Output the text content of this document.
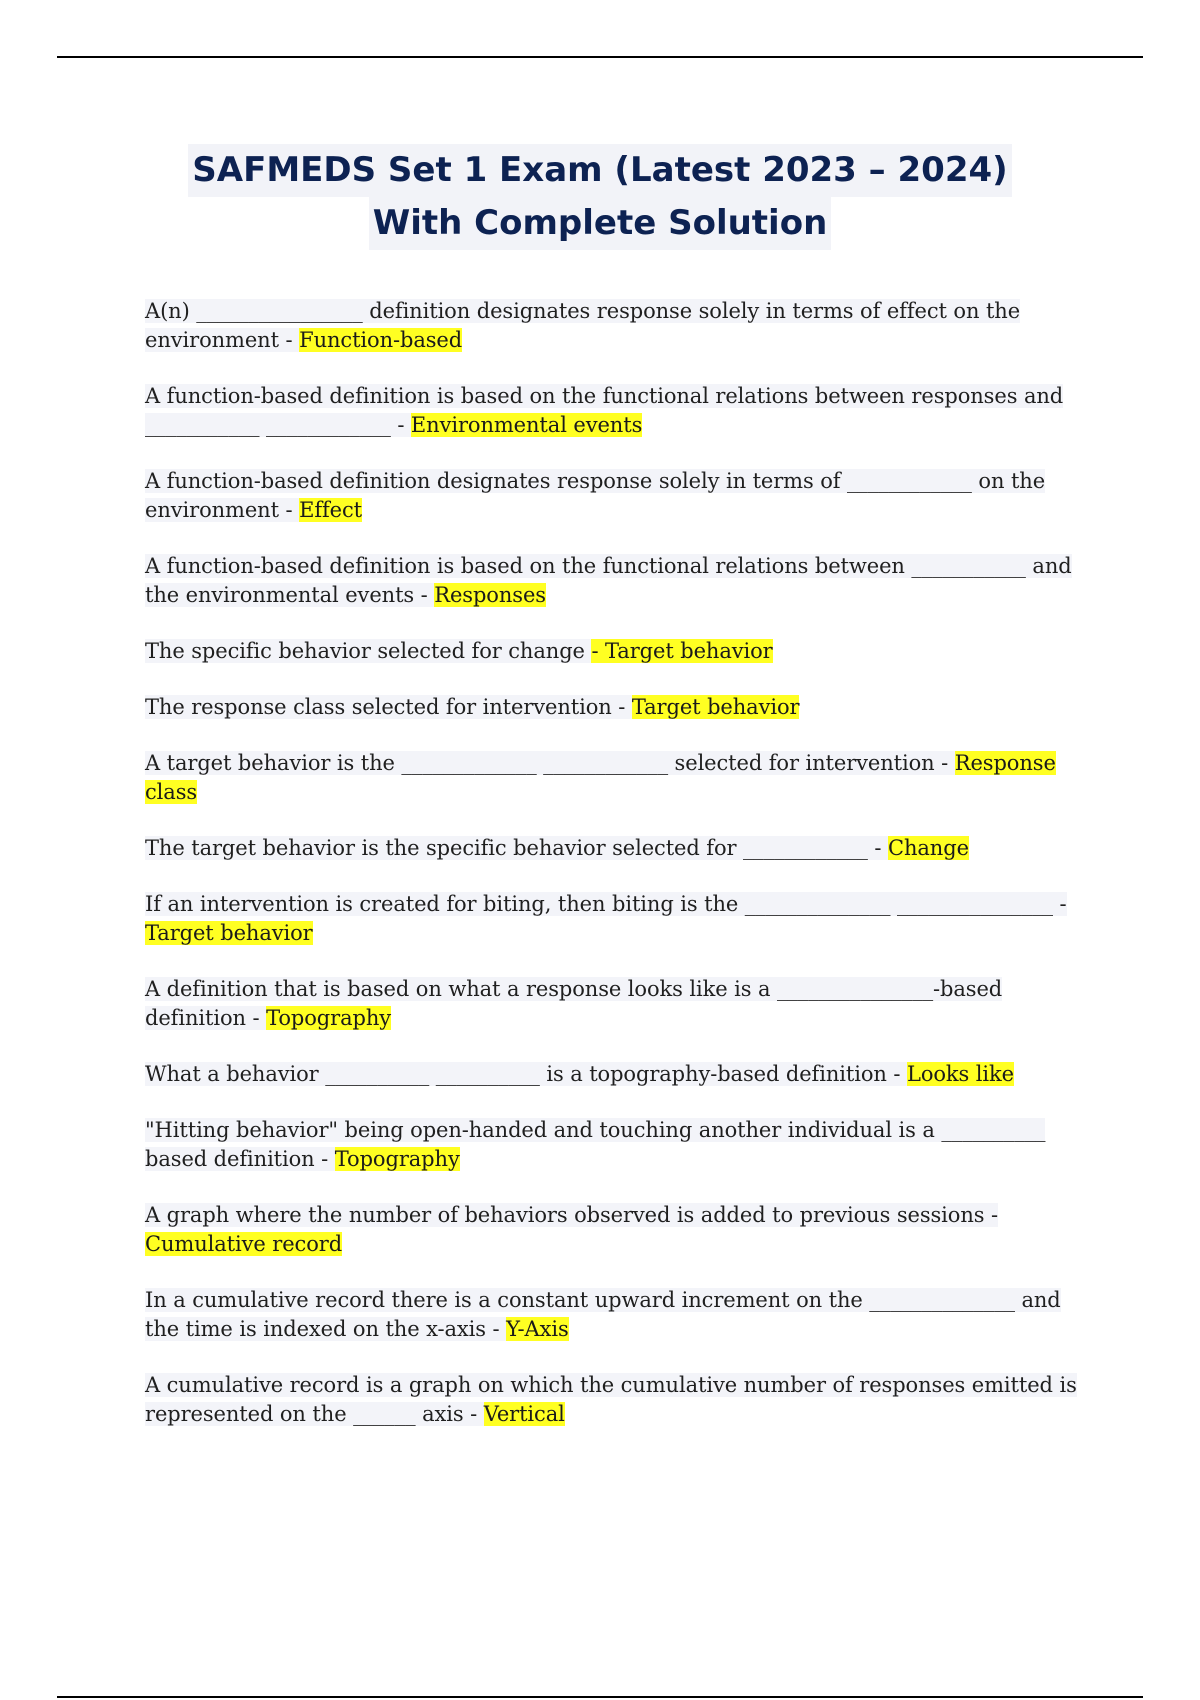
SAFMEDS Set 1 Exam (Latest 2023 – 2024)
With Complete Solution

A(n) ________________ definition designates response solely in terms of effect on the environment - Function-based

A function-based definition is based on the functional relations between responses and ___________ ____________ - Environmental events

A function-based definition designates response solely in terms of ____________ on the environment - Effect

A function-based definition is based on the functional relations between ___________ and the environmental events - Responses

The specific behavior selected for change - Target behavior

The response class selected for intervention - Target behavior

A target behavior is the _____________ ____________ selected for intervention - Response class

The target behavior is the specific behavior selected for ____________ - Change

If an intervention is created for biting, then biting is the ______________ _______________ - Target behavior

A definition that is based on what a response looks like is a _______________-based definition - Topography

What a behavior __________ __________ is a topography-based definition - Looks like

"Hitting behavior" being open-handed and touching another individual is a __________ based definition - Topography

A graph where the number of behaviors observed is added to previous sessions - Cumulative record

In a cumulative record there is a constant upward increment on the ______________ and the time is indexed on the x-axis - Y-Axis

A cumulative record is a graph on which the cumulative number of responses emitted is represented on the ______ axis - Vertical
